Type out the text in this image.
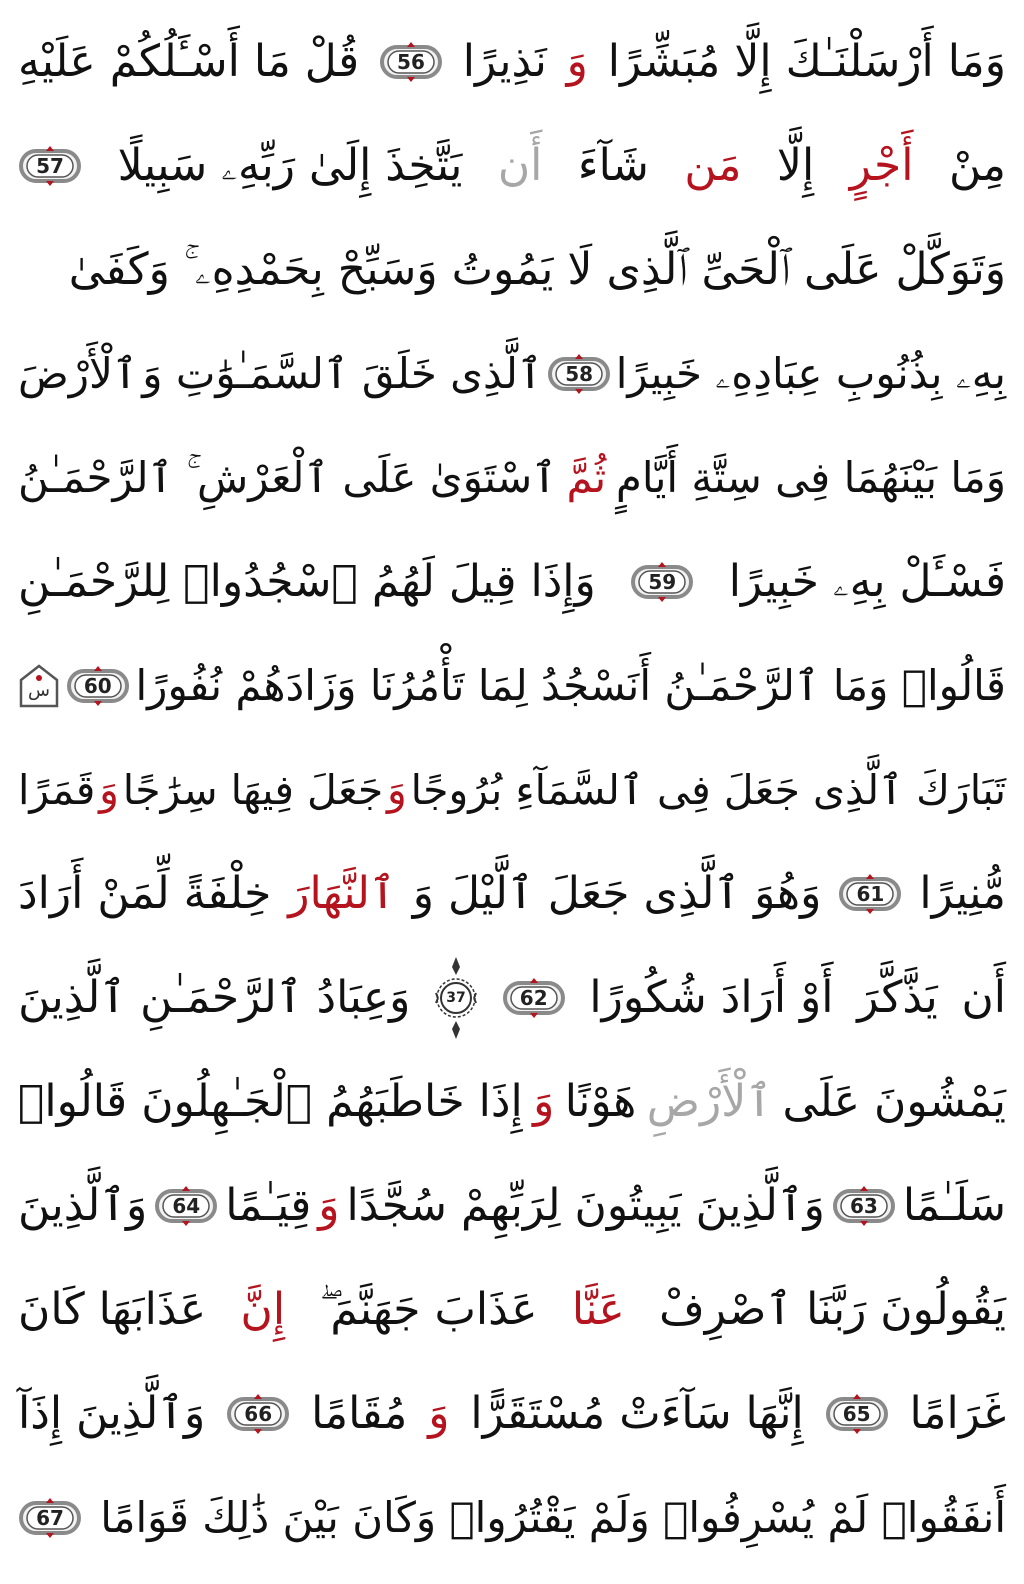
وَمَا أَرْسَلْنَـٰكَ إِلَّا مُبَشِّرًا
وَ
نَذِيرًا
56
قُلْ مَا أَسْـَٔلُكُمْ عَلَيْهِ
مِنْ
أَجْرٍ
إِلَّا
مَن
شَآءَ
أَن
يَتَّخِذَ إِلَىٰ رَبِّهِۦ سَبِيلًا
57
وَتَوَكَّلْ عَلَى ٱلْحَىِّ ٱلَّذِى لَا يَمُوتُ وَسَبِّحْ بِحَمْدِهِۦ ۚ وَكَفَىٰ
بِهِۦ بِذُنُوبِ عِبَادِهِۦ خَبِيرًا
58
ٱلَّذِى خَلَقَ ٱلسَّمَـٰوَٰتِ وَ
ٱلْأَرْضَ
وَمَا بَيْنَهُمَا فِى سِتَّةِ أَيَّامٍ
ثُمَّ
ٱسْتَوَىٰ عَلَى ٱلْعَرْشِ ۚ ٱلرَّحْمَـٰنُ
فَسْـَٔلْ بِهِۦ خَبِيرًا
59
وَإِذَا قِيلَ لَهُمُ ٱسْجُدُوا۟ لِلرَّحْمَـٰنِ
قَالُوا۟ وَمَا ٱلرَّحْمَـٰنُ أَنَسْجُدُ لِمَا تَأْمُرُنَا وَزَادَهُمْ نُفُورًا
60
س
تَبَارَكَ ٱلَّذِى جَعَلَ فِى ٱلسَّمَآءِ بُرُوجًا
وَ
جَعَلَ فِيهَا سِرَٰجًا
وَ
قَمَرًا
مُّنِيرًا
61
وَهُوَ ٱلَّذِى جَعَلَ ٱلَّيْلَ وَ
ٱلنَّهَارَ
خِلْفَةً لِّمَنْ أَرَادَ
أَن
يَذَّكَّرَ
أَوْ أَرَادَ شُكُورًا
62
37
وَعِبَادُ ٱلرَّحْمَـٰنِ ٱلَّذِينَ
يَمْشُونَ عَلَى
ٱلْأَرْضِ
هَوْنًا
وَ
إِذَا خَاطَبَهُمُ ٱلْجَـٰهِلُونَ قَالُوا۟
سَلَـٰمًا
63
وَٱلَّذِينَ يَبِيتُونَ لِرَبِّهِمْ سُجَّدًا
وَ
قِيَـٰمًا
64
وَٱلَّذِينَ
يَقُولُونَ رَبَّنَا ٱصْرِفْ
عَنَّا
عَذَابَ جَهَنَّمَ ۖ
إِنَّ
عَذَابَهَا كَانَ
غَرَامًا
65
إِنَّهَا سَآءَتْ مُسْتَقَرًّا
وَ
مُقَامًا
66
وَٱلَّذِينَ إِذَآ
أَنفَقُوا۟ لَمْ يُسْرِفُوا۟ وَلَمْ يَقْتُرُوا۟ وَكَانَ بَيْنَ ذَٰلِكَ قَوَامًا
67
